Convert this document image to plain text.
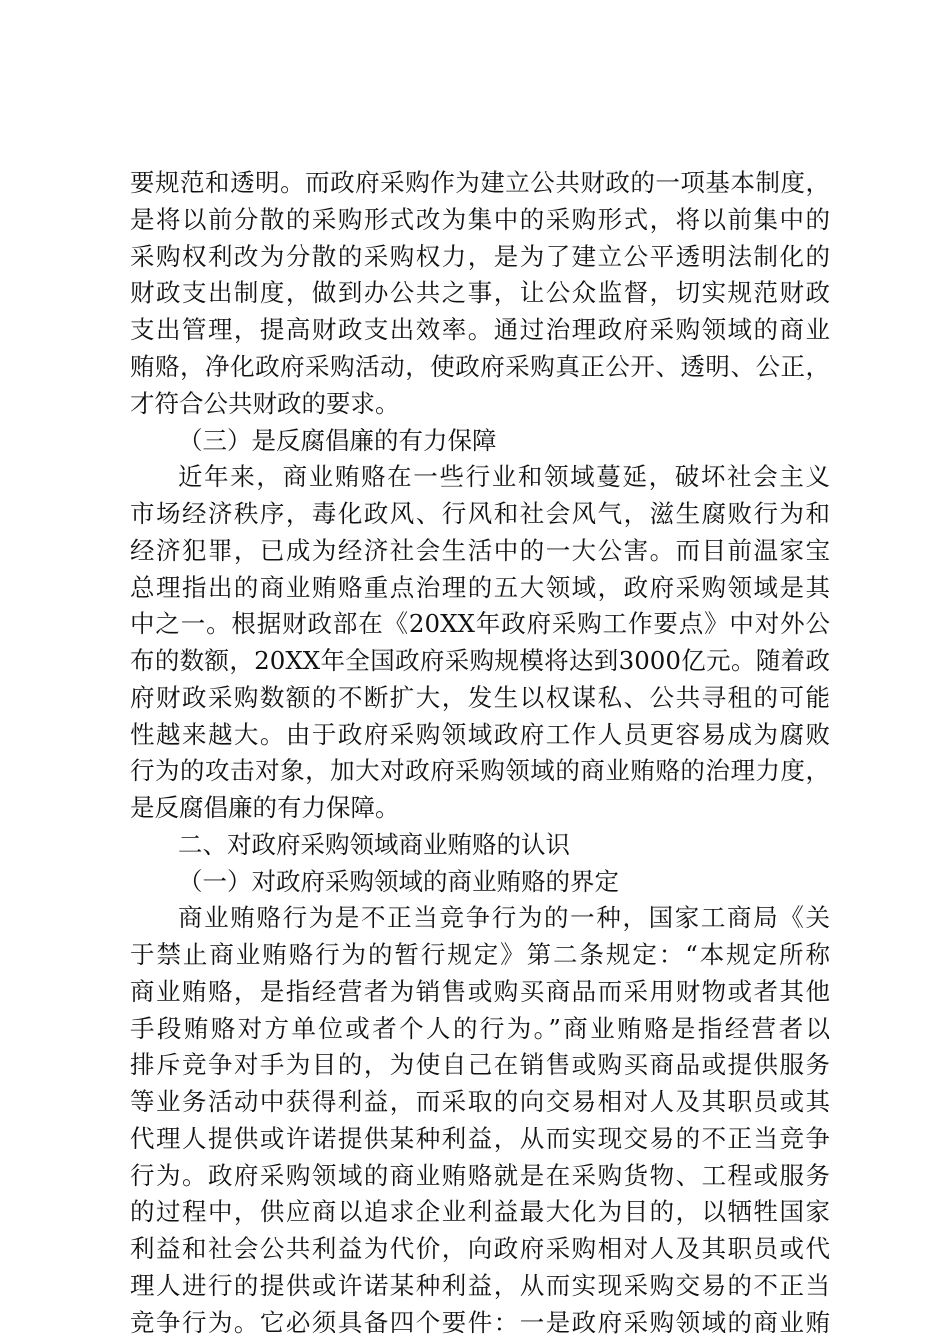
要规范和透明。而政府采购作为建立公共财政的一项基本制度，
是将以前分散的采购形式改为集中的采购形式，将以前集中的
采购权利改为分散的采购权力，是为了建立公平透明法制化的
财政支出制度，做到办公共之事，让公众监督，切实规范财政
支出管理，提高财政支出效率。通过治理政府采购领域的商业
贿赂，净化政府采购活动，使政府采购真正公开、透明、公正，
才符合公共财政的要求。
（三）是反腐倡廉的有力保障
近年来，商业贿赂在一些行业和领域蔓延，破坏社会主义
市场经济秩序，毒化政风、行风和社会风气，滋生腐败行为和
经济犯罪，已成为经济社会生活中的一大公害。而目前温家宝
总理指出的商业贿赂重点治理的五大领域，政府采购领域是其
中之一。根据财政部在《20XX年政府采购工作要点》中对外公
布的数额，20XX年全国政府采购规模将达到3000亿元。随着政
府财政采购数额的不断扩大，发生以权谋私、公共寻租的可能
性越来越大。由于政府采购领域政府工作人员更容易成为腐败
行为的攻击对象，加大对政府采购领域的商业贿赂的治理力度，
是反腐倡廉的有力保障。
二、对政府采购领域商业贿赂的认识
（一）对政府采购领域的商业贿赂的界定
商业贿赂行为是不正当竞争行为的一种，国家工商局《关
于禁止商业贿赂行为的暂行规定》第二条规定：“本规定所称
商业贿赂，是指经营者为销售或购买商品而采用财物或者其他
手段贿赂对方单位或者个人的行为。”商业贿赂是指经营者以
排斥竞争对手为目的，为使自己在销售或购买商品或提供服务
等业务活动中获得利益，而采取的向交易相对人及其职员或其
代理人提供或许诺提供某种利益，从而实现交易的不正当竞争
行为。政府采购领域的商业贿赂就是在采购货物、工程或服务
的过程中，供应商以追求企业利益最大化为目的，以牺牲国家
利益和社会公共利益为代价，向政府采购相对人及其职员或代
理人进行的提供或许诺某种利益，从而实现采购交易的不正当
竞争行为。它必须具备四个要件：一是政府采购领域的商业贿
